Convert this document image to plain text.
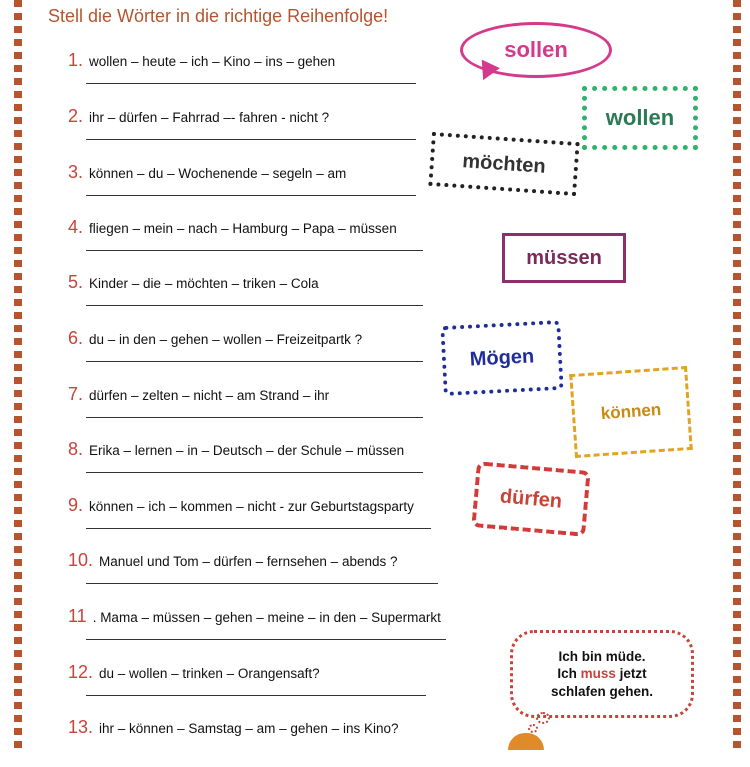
Stell die Wörter in die richtige Reihenfolge!
1. wollen – heute – ich – Kino – ins – gehen
2. ihr – dürfen – Fahrrad –- fahren - nicht ?
3. können – du – Wochenende – segeln – am
4. fliegen – mein – nach – Hamburg – Papa – müssen
5. Kinder – die – möchten – triken – Cola
6. du – in den – gehen – wollen – Freizeitpartk ?
7. dürfen – zelten – nicht – am Strand – ihr
8. Erika – lernen – in – Deutsch – der Schule – müssen
9. können – ich – kommen – nicht - zur Geburtstagsparty
10. Manuel und Tom – dürfen – fernsehen – abends ?
11 . Mama – müssen – gehen – meine – in den – Supermarkt
12. du – wollen – trinken – Orangensaft?
13. ihr – können – Samstag – am – gehen – ins Kino?
sollen
wollen
möchten
müssen
Mögen
können
dürfen
Ich bin müde.
Ich muss jetzt
schlafen gehen.
